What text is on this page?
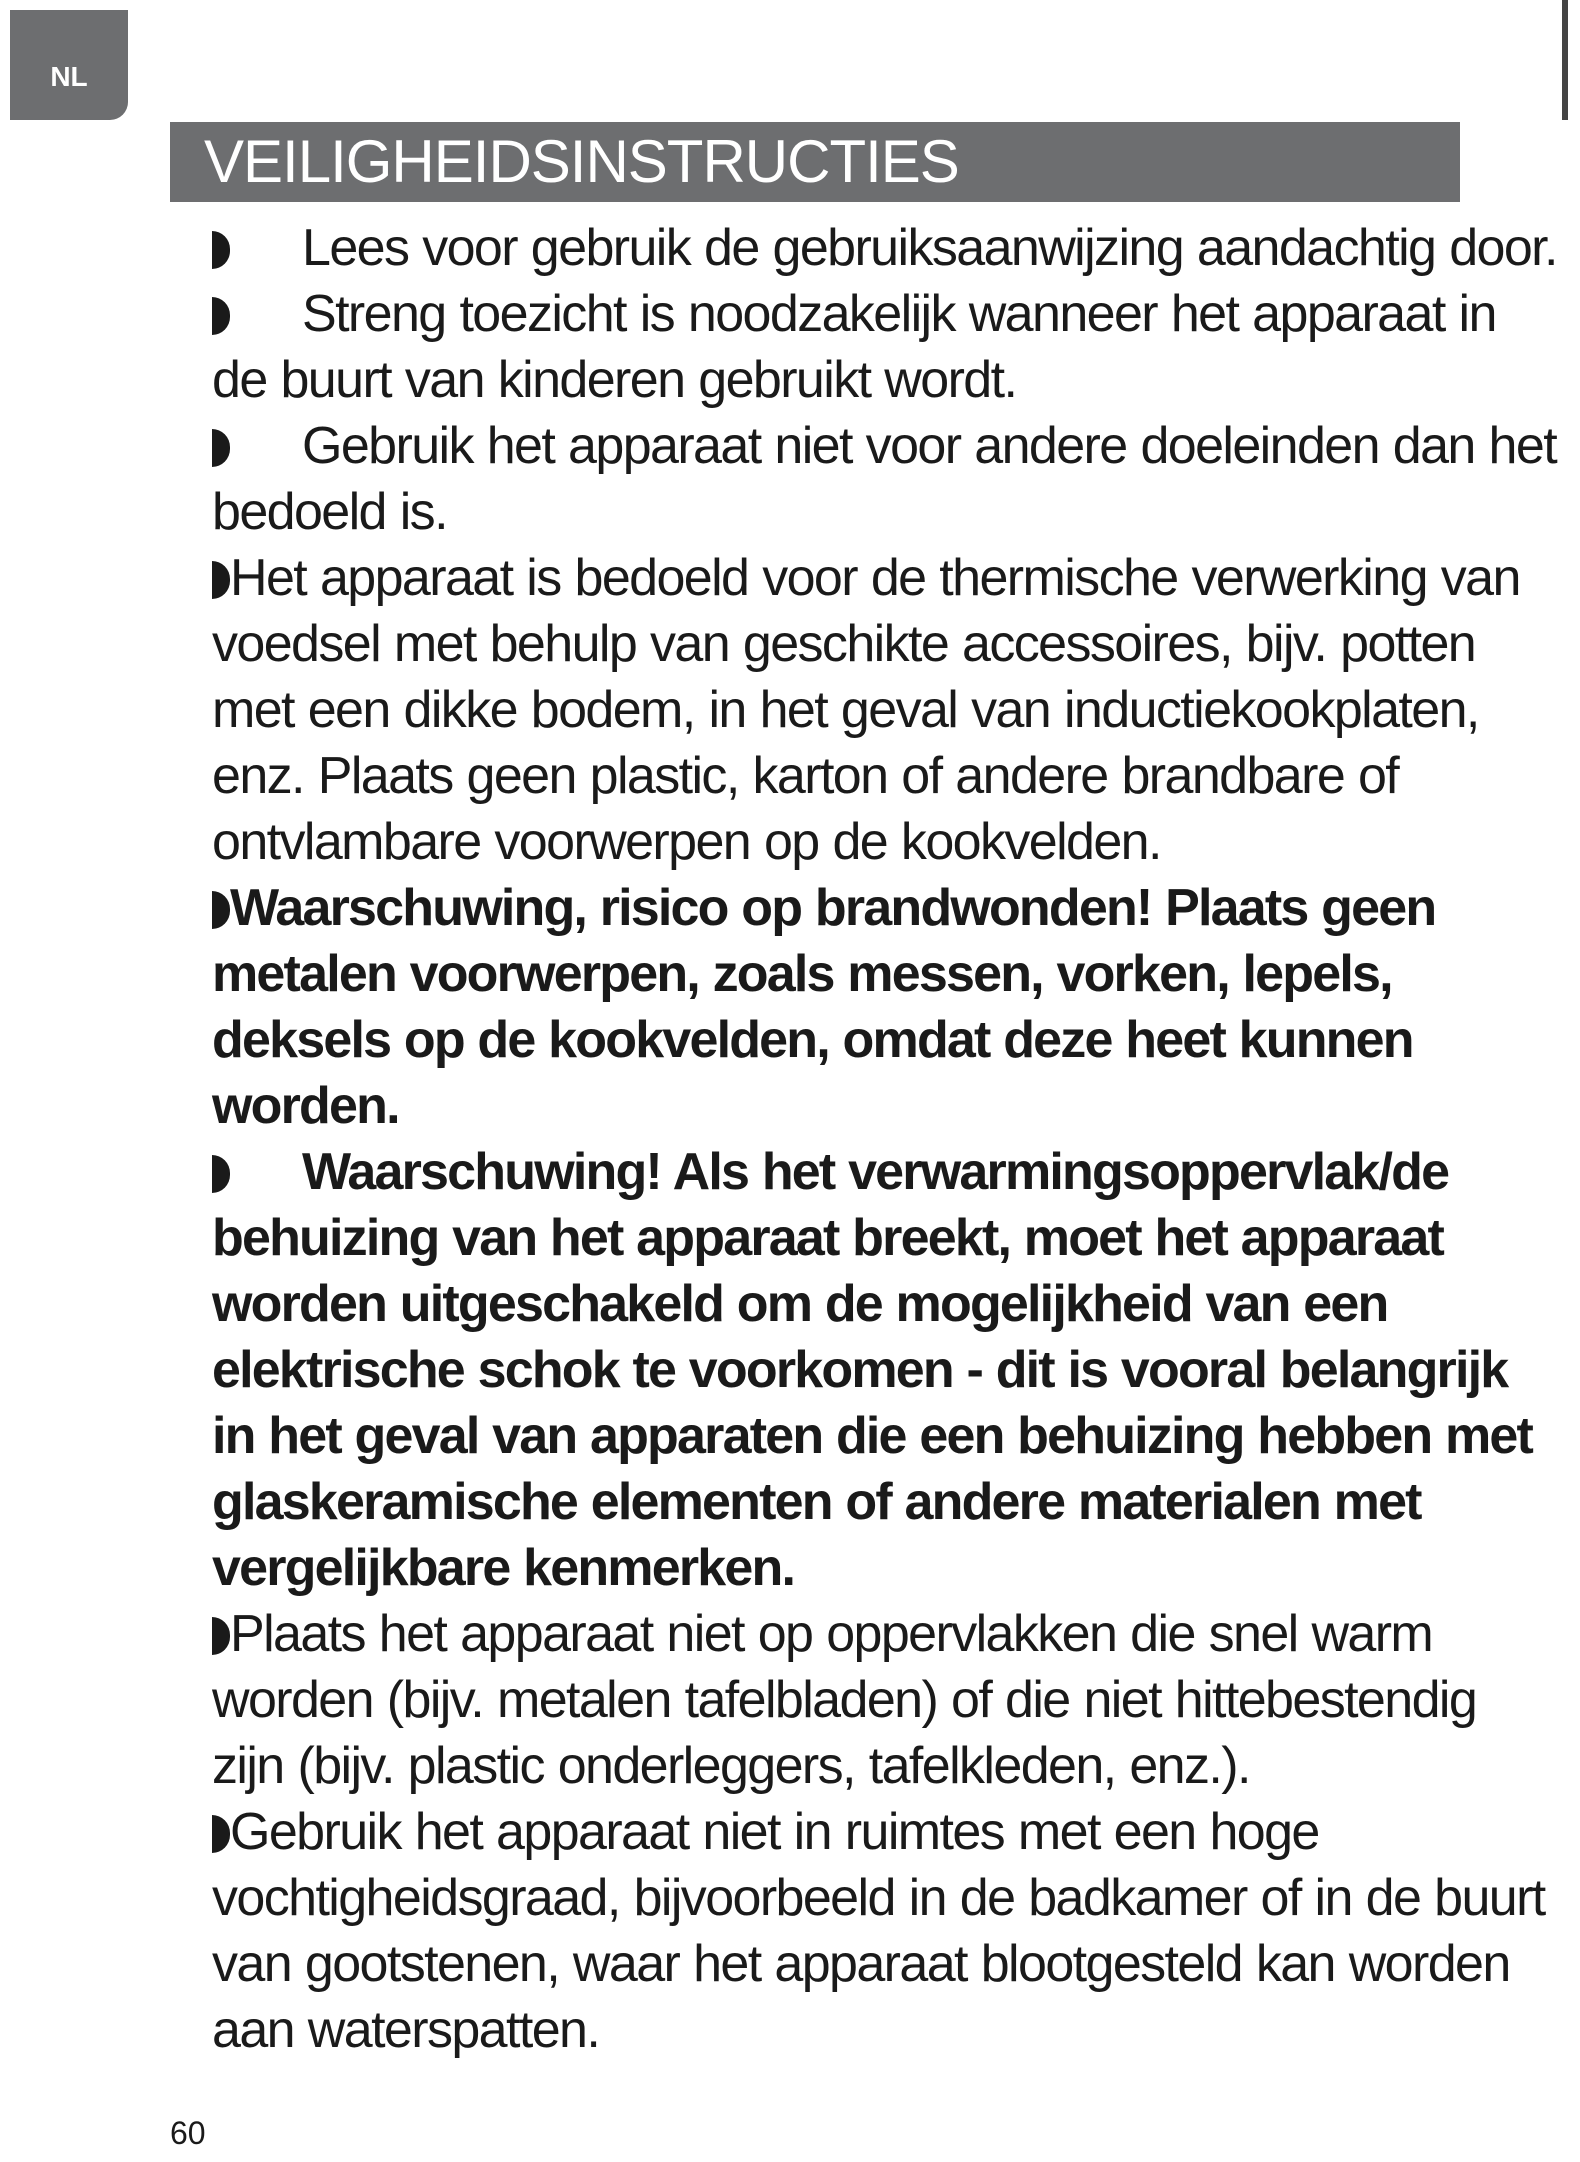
NL
VEILIGHEIDSINSTRUCTIES

Lees voor gebruik de gebruiksaanwijzing aandachtig door.

Streng toezicht is noodzakelijk wanneer het apparaat in de buurt van kinderen gebruikt wordt.

Gebruik het apparaat niet voor andere doeleinden dan het bedoeld is.

Het apparaat is bedoeld voor de thermische verwerking van voedsel met behulp van geschikte accessoires, bijv. potten met een dikke bodem, in het geval van inductiekookplaten, enz. Plaats geen plastic, karton of andere brandbare of ontvlambare voorwerpen op de kookvelden.

Waarschuwing, risico op brandwonden! Plaats geen metalen voorwerpen, zoals messen, vorken, lepels, deksels op de kookvelden, omdat deze heet kunnen worden.

Waarschuwing! Als het verwarmingsoppervlak/de behuizing van het apparaat breekt, moet het apparaat worden uitgeschakeld om de mogelijkheid van een elektrische schok te voorkomen - dit is vooral belangrijk in het geval van apparaten die een behuizing hebben met glaskeramische elementen of andere materialen met vergelijkbare kenmerken.

Plaats het apparaat niet op oppervlakken die snel warm worden (bijv. metalen tafelbladen) of die niet hittebestendig zijn (bijv. plastic onderleggers, tafelkleden, enz.).

Gebruik het apparaat niet in ruimtes met een hoge vochtigheidsgraad, bijvoorbeeld in de badkamer of in de buurt van gootstenen, waar het apparaat blootgesteld kan worden aan waterspatten.

60
